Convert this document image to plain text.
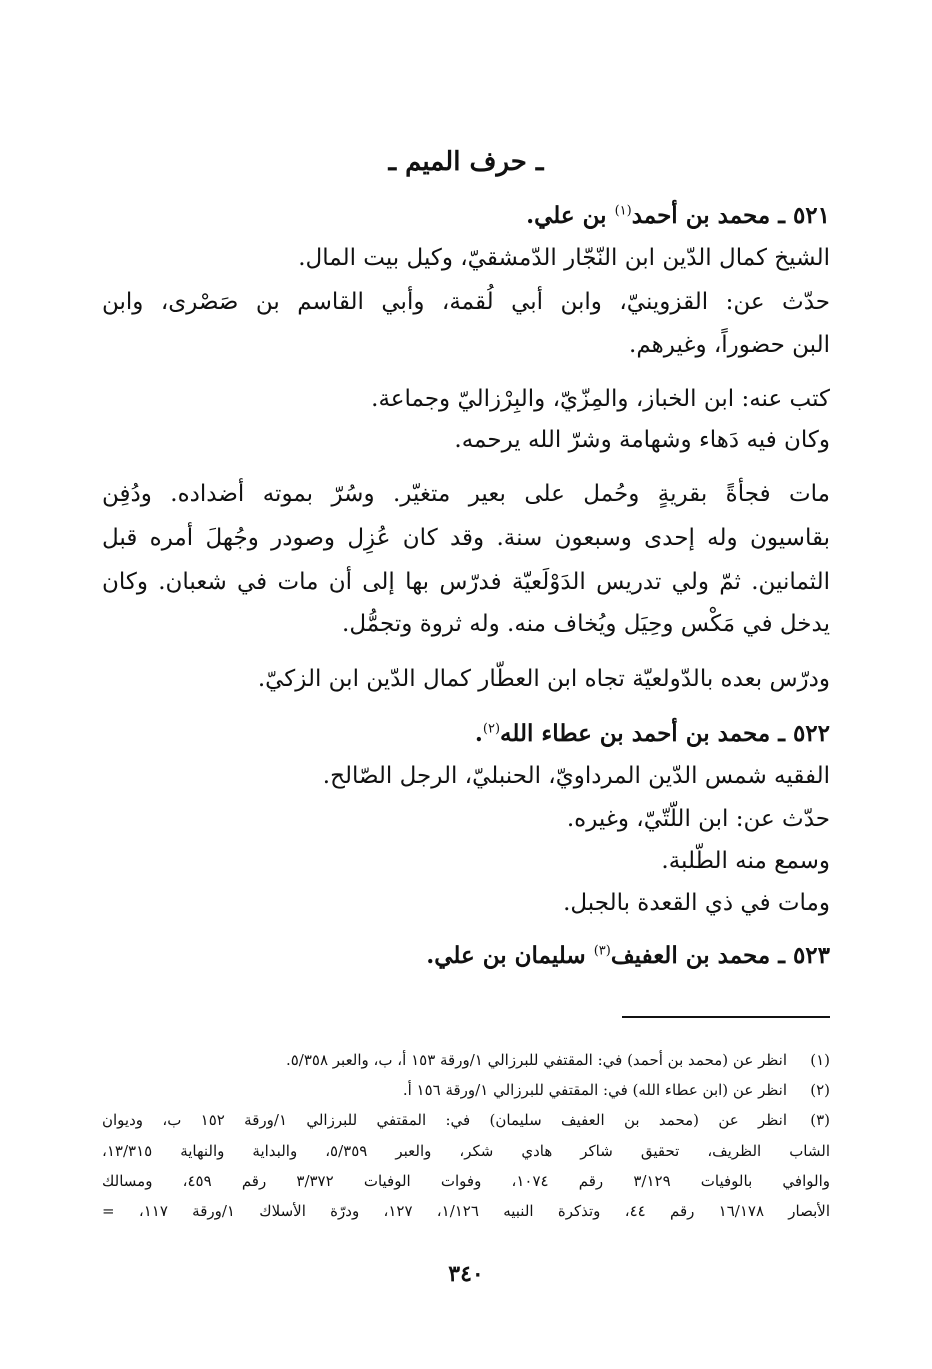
ـ حرف الميم ـ
٥٢١ ـ محمد بن أحمد$^{(١)}$ بن علي.
الشيخ كمال الدّين ابن النّجّار الدّمشقيّ، وكيل بيت المال.
حدّث عن: القزوينيّ، وابن أبي لُقمة، وأبي القاسم بن صَصْرى، وابن
البن حضوراً، وغيرهم.
كتب عنه: ابن الخباز، والمِزّيّ، والبِرْزاليّ وجماعة.
وكان فيه دَهاء وشهامة وشرّ الله يرحمه.
مات فجأةً بقريةٍ وحُمل على بعير متغيّر. وسُرّ بموته أضداده. ودُفِن
بقاسيون وله إحدى وسبعون سنة. وقد كان عُزِل وصودر وجُهلَ أمره قبل
الثمانين. ثمّ ولي تدريس الدَوْلَعيّة فدرّس بها إلى أن مات في شعبان. وكان
يدخل في مَكْس وحِيَل ويُخاف منه. وله ثروة وتجمُّل.
ودرّس بعده بالدّولعيّة تجاه ابن العطّار كمال الدّين ابن الزكيّ.
٥٢٢ ـ محمد بن أحمد بن عطاء الله$^{(٢)}$.
الفقيه شمس الدّين المرداويّ، الحنبليّ، الرجل الصّالح.
حدّث عن: ابن اللّتّيّ، وغيره.
وسمع منه الطّلبة.
ومات في ذي القعدة بالجبل.
٥٢٣ ـ محمد بن العفيف$^{(٣)}$ سليمان بن علي.
(١)
انظر عن (محمد بن أحمد) في: المقتفي للبرزالي ١/ورقة ١٥٣ أ، ب، والعبر ٥/٣٥٨.
(٢)
انظر عن (ابن عطاء الله) في: المقتفي للبرزالي ١/ورقة ١٥٦ أ.
(٣)
انظر عن (محمد بن العفيف سليمان) في: المقتفي للبرزالي ١/ورقة ١٥٢ ب، وديوان
الشاب الظريف، تحقيق شاكر هادي شكر، والعبر ٥/٣٥٩، والبداية والنهاية ١٣/٣١٥،
والوافي بالوفيات ٣/١٢٩ رقم ١٠٧٤، وفوات الوفيات ٣/٣٧٢ رقم ٤٥٩، ومسالك
الأبصار ١٦/١٧٨ رقم ٤٤، وتذكرة النبيه ١/١٢٦، ١٢٧، ودرّة الأسلاك ١/ورقة ١١٧، =
٣٤٠
